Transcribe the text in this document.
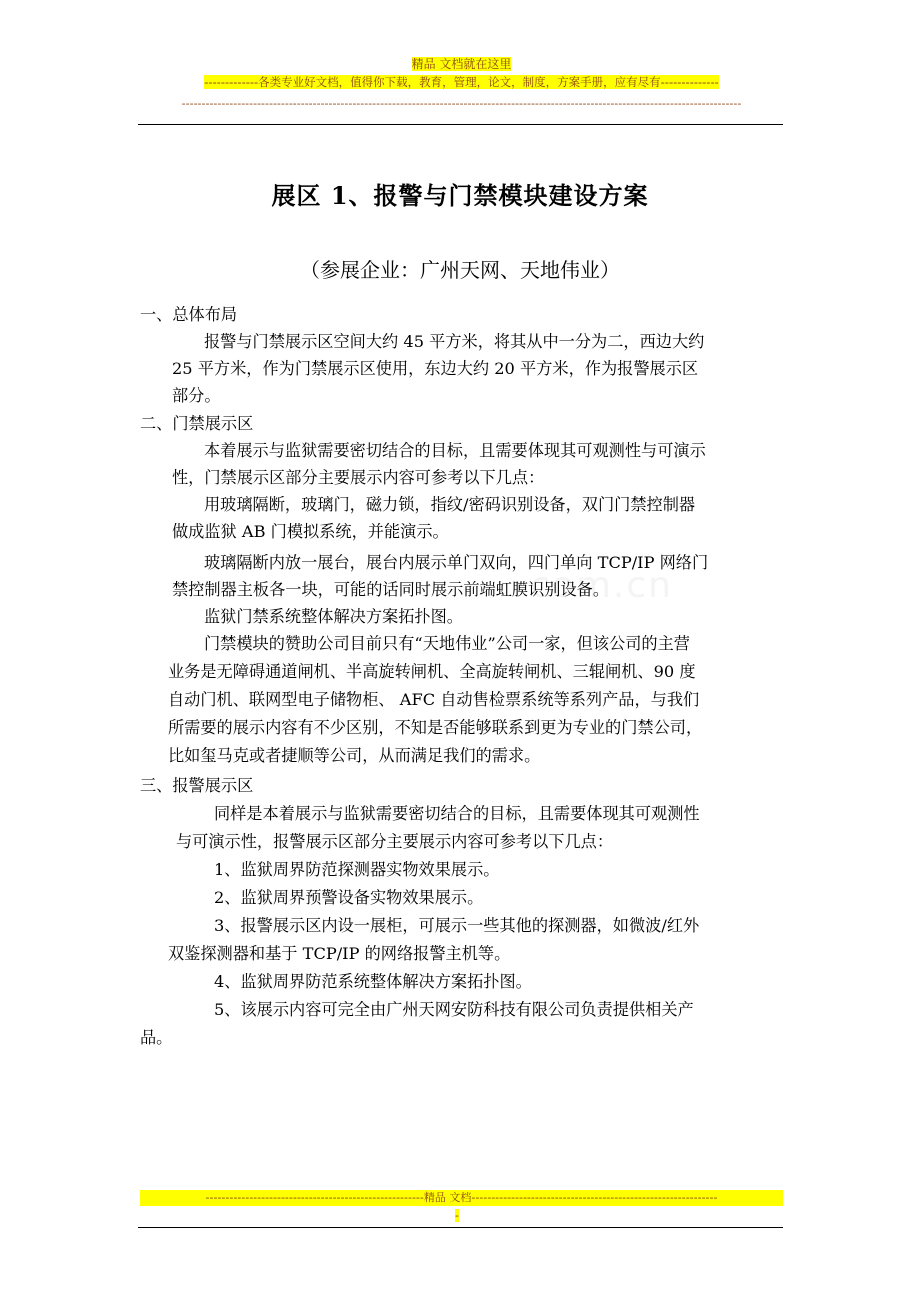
精品 文档就在这里
-------------各类专业好文档，值得你下载，教育，管理，论文，制度，方案手册，应有尽有--------------
---------------------------------------------------------------------------------------------------------------------------------------------
展区 1、报警与门禁模块建设方案
（参展企业：广州天网、天地伟业）
com.cn
一、总体布局
报警与门禁展示区空间大约 45 平方米，将其从中一分为二，西边大约
25 平方米，作为门禁展示区使用，东边大约 20 平方米，作为报警展示区
部分。
二、门禁展示区
本着展示与监狱需要密切结合的目标，且需要体现其可观测性与可演示
性，门禁展示区部分主要展示内容可参考以下几点：
用玻璃隔断，玻璃门，磁力锁，指纹/密码识别设备，双门门禁控制器
做成监狱 AB 门模拟系统，并能演示。
玻璃隔断内放一展台，展台内展示单门双向，四门单向 TCP/IP 网络门
禁控制器主板各一块，可能的话同时展示前端虹膜识别设备。
监狱门禁系统整体解决方案拓扑图。
门禁模块的赞助公司目前只有“天地伟业”公司一家，但该公司的主营
业务是无障碍通道闸机、半高旋转闸机、全高旋转闸机、三辊闸机、90 度
自动门机、联网型电子储物柜、 AFC 自动售检票系统等系列产品，与我们
所需要的展示内容有不少区别，不知是否能够联系到更为专业的门禁公司，
比如玺马克或者捷顺等公司，从而满足我们的需求。
三、报警展示区
同样是本着展示与监狱需要密切结合的目标，且需要体现其可观测性
与可演示性，报警展示区部分主要展示内容可参考以下几点：
1、监狱周界防范探测器实物效果展示。
2、监狱周界预警设备实物效果展示。
3、报警展示区内设一展柜，可展示一些其他的探测器，如微波/红外
双鉴探测器和基于 TCP/IP 的网络报警主机等。
4、监狱周界防范系统整体解决方案拓扑图。
5、该展示内容可完全由广州天网安防科技有限公司负责提供相关产
品。
-------------------------------------------------------精品 文档--------------------------------------------------------------
-
